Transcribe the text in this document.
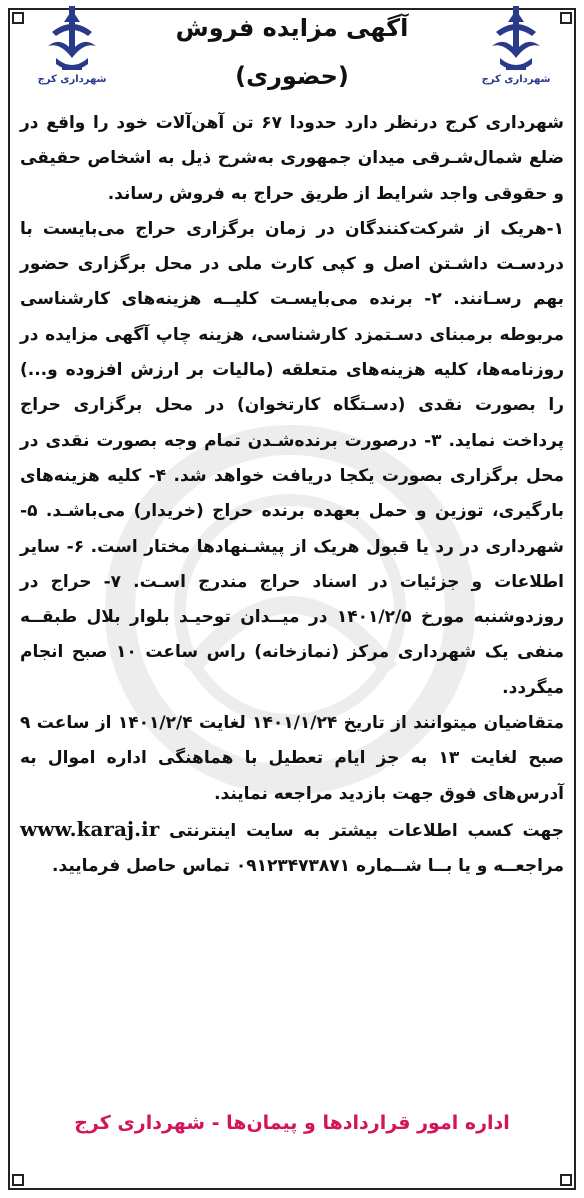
شهرداری کرج	شهرداری کرج
آگهی مزایده فروش
(حضوری)

شهرداری کرج درنظر دارد حدودا ۶۷ تن آهن‌آلات خود را واقع در ضلع شمال‌شـرقی میدان جمهوری به‌شرح ذیل به اشخاص حقیقی و حقوقی واجد شرایط از طریق حراج به فروش رساند.

۱-هریک از شرکت‌کنندگان در زمان برگزاری حراج می‌بایست با دردسـت داشـتن اصل و کپی کارت ملی در محل برگزاری حضور بهم رسـانند. ۲- برنده می‌بایسـت کلیــه هزینه‌های کارشناسی مربوطه برمبنای دسـتمزد کارشناسی، هزینه چاپ آگهی مزایده در روزنامه‌ها، کلیه هزینه‌های متعلقه (مالیات بر ارزش افزوده و...) را بصورت نقدی (دسـتگاه کارتخوان) در محل برگزاری حراج پرداخت نماید. ۳- درصورت برنده‌شـدن تمام وجه بصورت نقدی در محل برگزاری بصورت یکجا دریافت خواهد شد. ۴- کلیه هزینه‌های بارگیری، توزین و حمل بعهده برنده حراج (خریدار) می‌باشـد. ۵- شهرداری در رد یا قبول هریک از پیشـنهادها مختار است. ۶- سایر اطلاعات و جزئیات در اسناد حراج مندرج اسـت. ۷- حراج در روزدوشنبه مورخ ۱۴۰۱/۲/۵ در میــدان توحیـد بلوار بلال طبقــه منفی یک شهرداری مرکز (نمازخانه) راس ساعت ۱۰ صبح انجام میگردد.

متقاضیان میتوانند از تاریخ ۱۴۰۱/۱/۲۴ لغایت ۱۴۰۱/۲/۴ از ساعت ۹ صبح لغایت ۱۳ به جز ایام تعطیل با هماهنگی اداره اموال به آدرس‌های فوق جهت بازدید مراجعه نمایند.

جهت کسب اطلاعات بیشتر به سایت اینترنتی www.karaj.ir مراجعــه و یا بــا شــماره ۰۹۱۲۳۴۷۳۸۷۱ تماس حاصل فرمایید.

اداره امور قراردادها و پیمان‌ها - شهرداری کرج
